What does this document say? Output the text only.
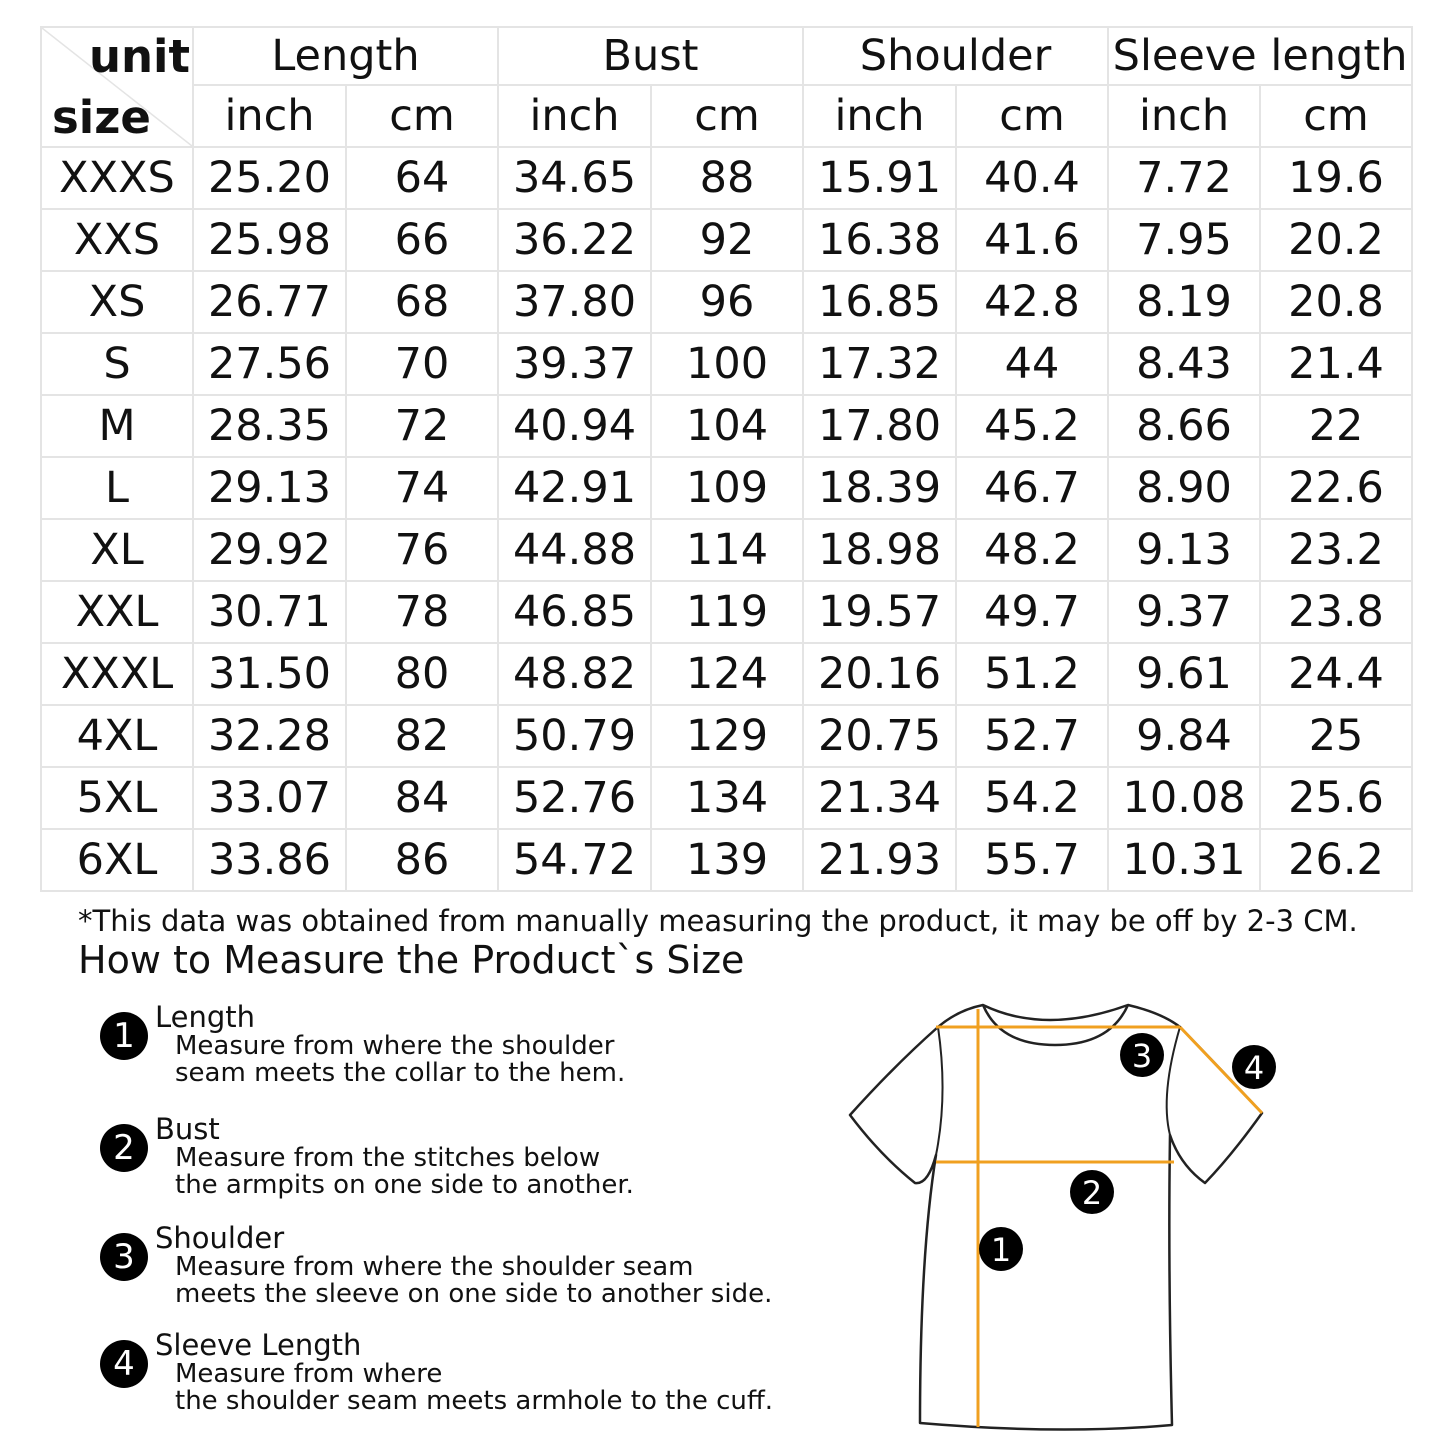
unit
size	Length		Bust		Shoulder		Sleeve length	
	inch	cm	inch	cm	inch	cm	inch	cm
XXXS	25.20	64	34.65	88	15.91	40.4	7.72	19.6
XXS	25.98	66	36.22	92	16.38	41.6	7.95	20.2
XS	26.77	68	37.80	96	16.85	42.8	8.19	20.8
S	27.56	70	39.37	100	17.32	44	8.43	21.4
M	28.35	72	40.94	104	17.80	45.2	8.66	22
L	29.13	74	42.91	109	18.39	46.7	8.90	22.6
XL	29.92	76	44.88	114	18.98	48.2	9.13	23.2
XXL	30.71	78	46.85	119	19.57	49.7	9.37	23.8
XXXL	31.50	80	48.82	124	20.16	51.2	9.61	24.4
4XL	32.28	82	50.79	129	20.75	52.7	9.84	25
5XL	33.07	84	52.76	134	21.34	54.2	10.08	25.6
6XL	33.86	86	54.72	139	21.93	55.7	10.31	26.2
*This data was obtained from manually measuring the product, it may be off by 2-3 CM.
How to Measure the Product`s Size
1 Length
Measure from where the shoulder
seam meets the collar to the hem.
2 Bust
Measure from the stitches below
the armpits on one side to another.
3 Shoulder
Measure from where the shoulder seam
meets the sleeve on one side to another side.
4 Sleeve Length
Measure from where
the shoulder seam meets armhole to the cuff.
3	4
2
1
